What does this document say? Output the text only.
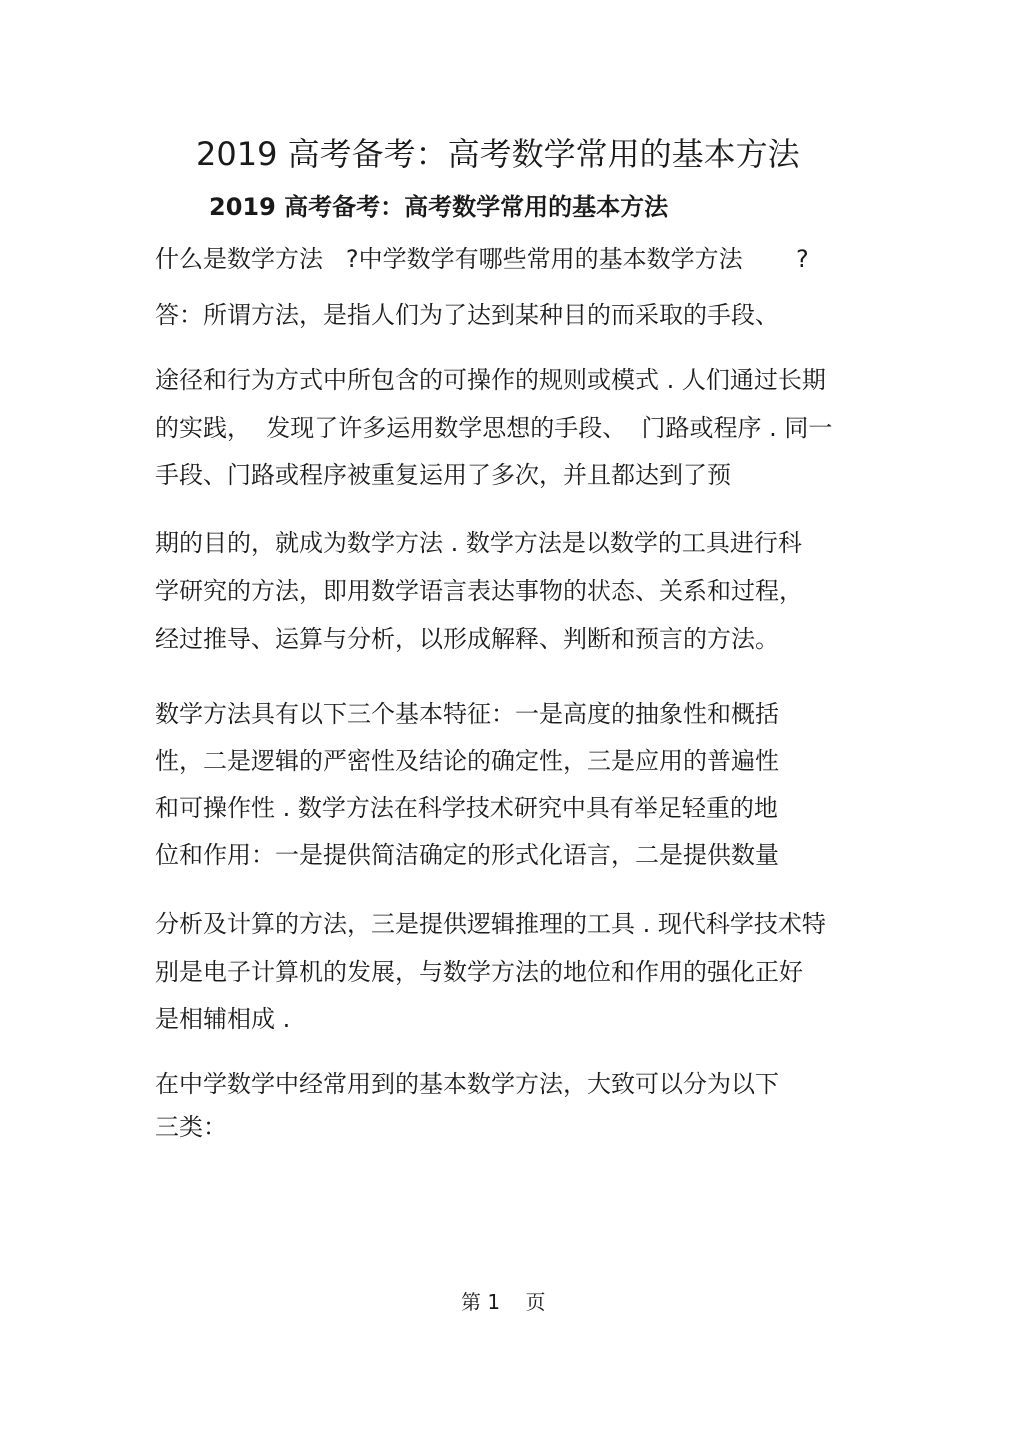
2019 高考备考：高考数学常用的基本方法
2019 高考备考：高考数学常用的基本方法

什么是数学方法   ?中学数学有哪些常用的基本数学方法       ?

答：所谓方法，是指人们为了达到某种目的而采取的手段、

途径和行为方式中所包含的可操作的规则或模式 . 人们通过长期

的实践，  发现了许多运用数学思想的手段、  门路或程序 . 同一

手段、门路或程序被重复运用了多次，并且都达到了预

期的目的，就成为数学方法 . 数学方法是以数学的工具进行科

学研究的方法，即用数学语言表达事物的状态、关系和过程，

经过推导、运算与分析，以形成解释、判断和预言的方法。

数学方法具有以下三个基本特征：一是高度的抽象性和概括

性，二是逻辑的严密性及结论的确定性，三是应用的普遍性

和可操作性 . 数学方法在科学技术研究中具有举足轻重的地

位和作用：一是提供简洁确定的形式化语言，二是提供数量

分析及计算的方法，三是提供逻辑推理的工具 . 现代科学技术特

别是电子计算机的发展，与数学方法的地位和作用的强化正好

是相辅相成 .

在中学数学中经常用到的基本数学方法，大致可以分为以下

三类：

第 1    页
